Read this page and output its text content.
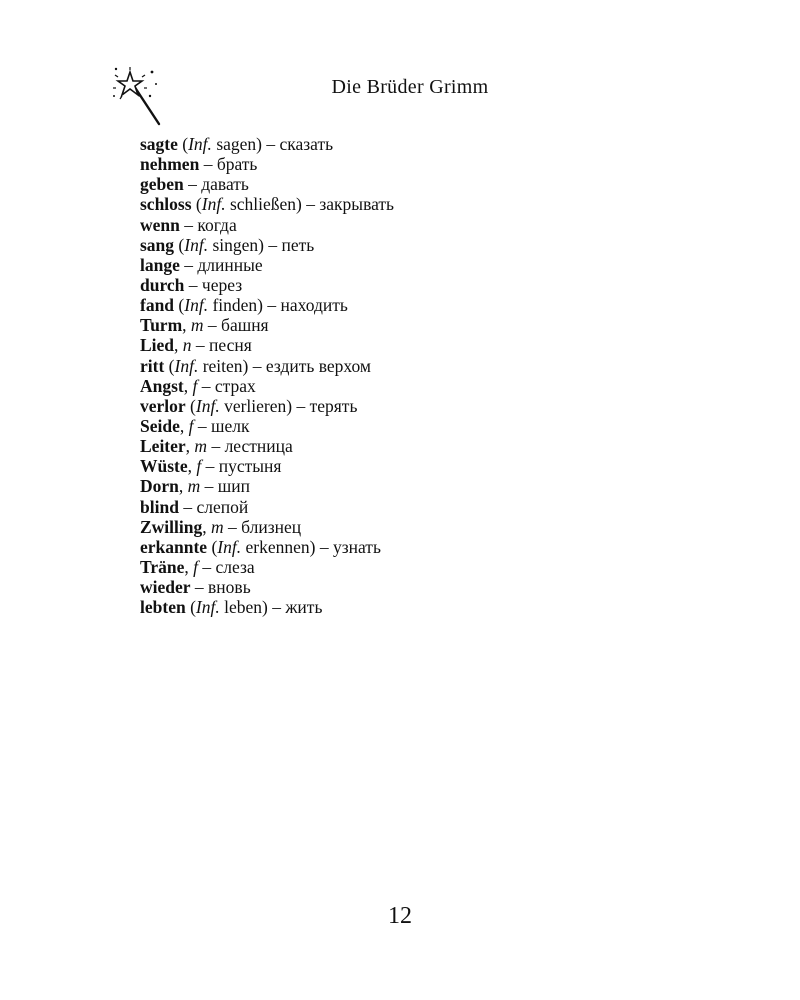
Die Brüder Grimm
sagte (Inf. sagen) – сказать
nehmen – брать
geben – давать
schloss (Inf. schließen) – закрывать
wenn – когда
sang (Inf. singen) – петь
lange – длинные
durch – через
fand (Inf. finden) – находить
Turm, m – башня
Lied, n – песня
ritt (Inf. reiten) – ездить верхом
Angst, f – страх
verlor (Inf. verlieren) – терять
Seide, f – шелк
Leiter, m – лестница
Wüste, f – пустыня
Dorn, m – шип
blind – слепой
Zwilling, m – близнец
erkannte (Inf. erkennen) – узнать
Träne, f – слеза
wieder – вновь
lebten (Inf. leben) – жить
12
